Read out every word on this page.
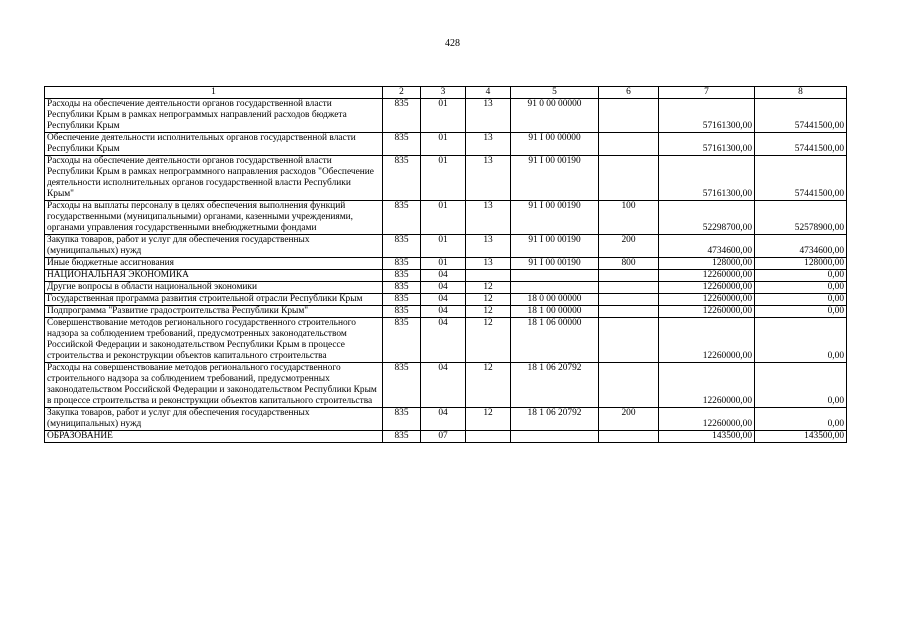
428
1	2	3	4	5	6	7	8
Расходы на обеспечение деятельности органов государственной власти Республики Крым в рамках непрограммых направлений расходов бюджета Республики Крым	835	01	13	91 0 00 00000		57161300,00	57441500,00
Обеспечение деятельности исполнительных органов государственной власти Республики Крым	835	01	13	91 I 00 00000		57161300,00	57441500,00
Расходы на обеспечение деятельности органов государственной власти Республики Крым в рамках непрограммного направления расходов "Обеспечение деятельности исполнительных органов государственной власти Республики Крым"	835	01	13	91 I 00 00190		57161300,00	57441500,00
Расходы на выплаты персоналу в целях обеспечения выполнения функций государственными (муниципальными) органами, казенными учреждениями, органами управления государственными внебюджетными фондами	835	01	13	91 I 00 00190	100	52298700,00	52578900,00
Закупка товаров, работ и услуг для обеспечения государственных (муниципальных) нужд	835	01	13	91 I 00 00190	200	4734600,00	4734600,00
Иные бюджетные ассигнования	835	01	13	91 I 00 00190	800	128000,00	128000,00
НАЦИОНАЛЬНАЯ ЭКОНОМИКА	835	04				12260000,00	0,00
Другие вопросы в области национальной экономики	835	04	12			12260000,00	0,00
Государственная программа развития строительной отрасли Республики Крым	835	04	12	18 0 00 00000		12260000,00	0,00
Подпрограмма "Развитие градостроительства Республики Крым"	835	04	12	18 1 00 00000		12260000,00	0,00
Совершенствование методов регионального государственного строительного надзора за соблюдением требований, предусмотренных законодательством Российской Федерации и законодательством Республики Крым в процессе строительства и реконструкции объектов капитального строительства	835	04	12	18 1 06 00000		12260000,00	0,00
Расходы на совершенствование методов регионального государственного строительного надзора за соблюдением требований, предусмотренных законодательством Российской Федерации и законодательством Республики Крым в процессе строительства и реконструкции объектов капитального строительства	835	04	12	18 1 06 20792		12260000,00	0,00
Закупка товаров, работ и услуг для обеспечения государственных (муниципальных) нужд	835	04	12	18 1 06 20792	200	12260000,00	0,00
ОБРАЗОВАНИЕ	835	07				143500,00	143500,00
